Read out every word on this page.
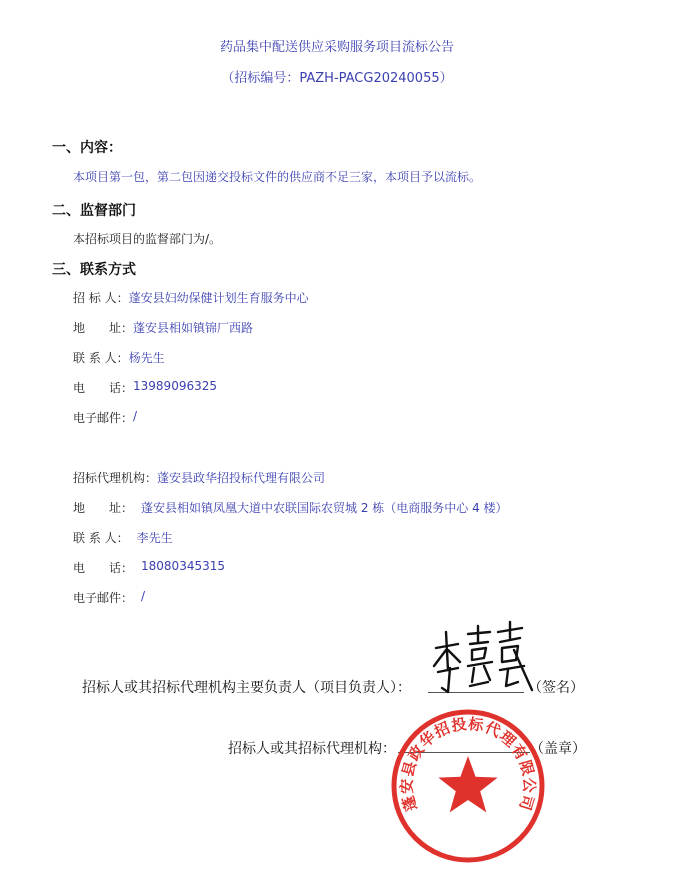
药品集中配送供应采购服务项目流标公告
（招标编号：PAZH-PACG20240055）
一、内容：
本项目第一包，第二包因递交投标文件的供应商不足三家，本项目予以流标。
二、监督部门
本招标项目的监督部门为/。
三、联系方式
招 标 人： 蓬安县妇幼保健计划生育服务中心
地　　址： 蓬安县相如镇锦厂西路
联 系 人： 杨先生
电　　话： 13989096325
电子邮件： /
招标代理机构： 蓬安县政华招投标代理有限公司
地　　址： 蓬安县相如镇凤凰大道中农联国际农贸城 2 栋（电商服务中心 4 楼）
联 系 人： 李先生
电　　话： 18080345315
电子邮件： /
招标人或其招标代理机构主要负责人（项目负责人）：	（签名）
招标人或其招标代理机构：	（盖章）
蓬安县政华招投标代理有限公司
